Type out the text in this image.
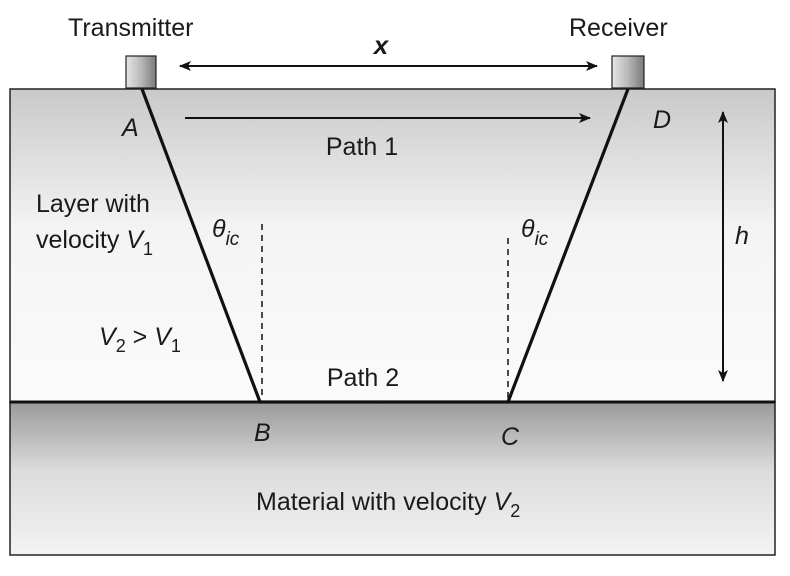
Transmitter	Receiver
x
Path 1
Path 2
A	D
B	C
$\theta_{ic}$	$\theta_{ic}$
Layer with
velocity $V_1$
$V_2 > V_1$
h
Material with velocity $V_2$
